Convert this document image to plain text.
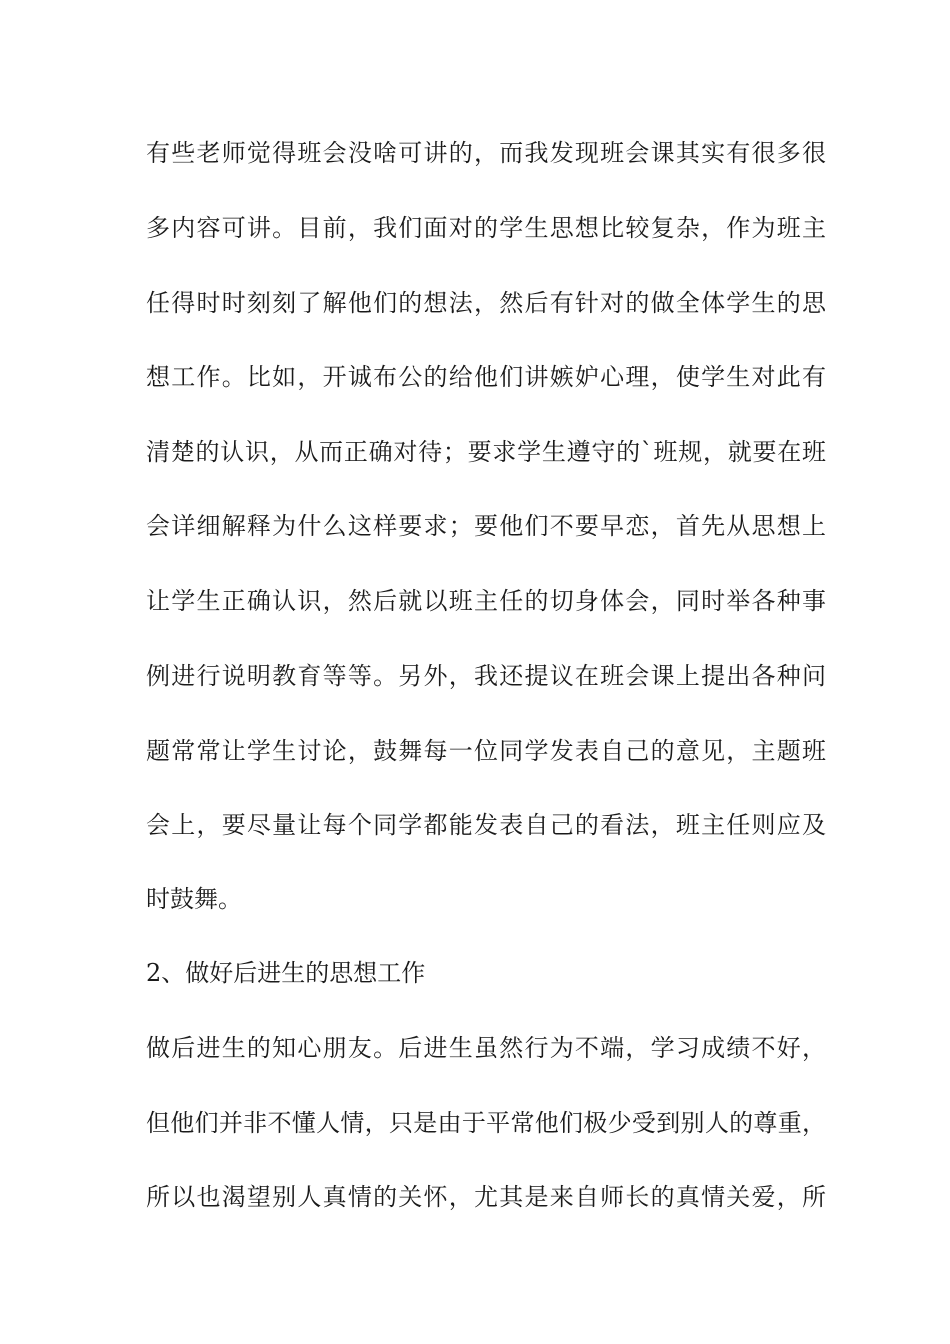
有些老师觉得班会没啥可讲的，而我发现班会课其实有很多很
多内容可讲。目前，我们面对的学生思想比较复杂，作为班主
任得时时刻刻了解他们的想法，然后有针对的做全体学生的思
想工作。比如，开诚布公的给他们讲嫉妒心理，使学生对此有
清楚的认识，从而正确对待；要求学生遵守的`班规，就要在班
会详细解释为什么这样要求；要他们不要早恋，首先从思想上
让学生正确认识，然后就以班主任的切身体会，同时举各种事
例进行说明教育等等。另外，我还提议在班会课上提出各种问
题常常让学生讨论，鼓舞每一位同学发表自己的意见，主题班
会上，要尽量让每个同学都能发表自己的看法，班主任则应及
时鼓舞。
2、做好后进生的思想工作
做后进生的知心朋友。后进生虽然行为不端，学习成绩不好，
但他们并非不懂人情，只是由于平常他们极少受到别人的尊重，
所以也渴望别人真情的关怀，尤其是来自师长的真情关爱，所
